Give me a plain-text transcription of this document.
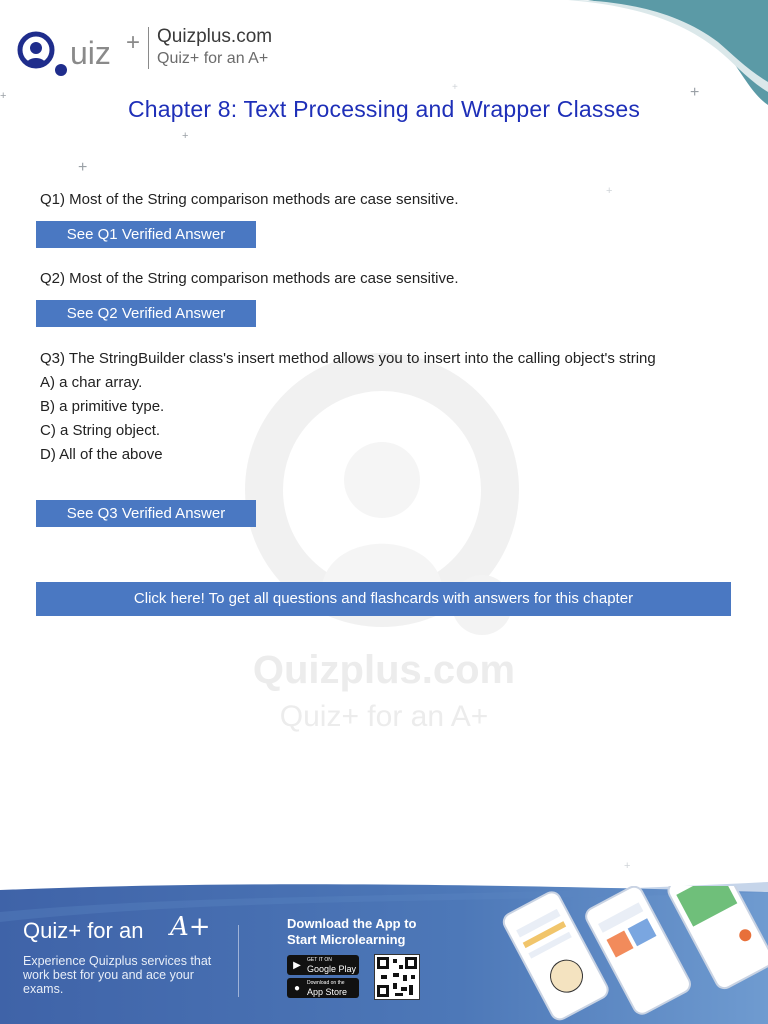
+
+
+
+
+
+
+
uiz + Quizplus.com
Quiz+ for an A+
Quizplus.com
Quiz+ for an A+
Chapter 8: Text Processing and Wrapper Classes
Q1) Most of the String comparison methods are case sensitive.
See Q1 Verified Answer
Q2) Most of the String comparison methods are case sensitive.
See Q2 Verified Answer
Q3) The StringBuilder class's insert method allows you to insert into the calling object's string
A) a char array.
B) a primitive type.
C) a String object.
D) All of the above
See Q3 Verified Answer
Click here! To get all questions and flashcards with answers for this chapter
Quiz+ for an A+
Experience Quizplus services that work best for you and ace your exams.
Download the App to Start Microlearning
▶	GET IT ON
Google Play
●	Download on the
App Store
